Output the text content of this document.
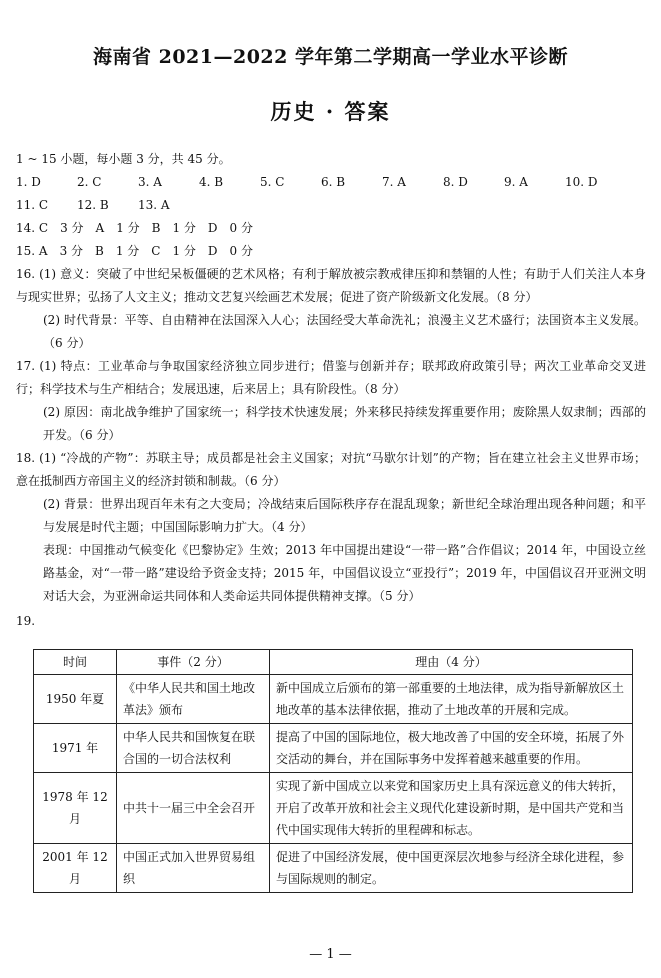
海南省 2021—2022 学年第二学期高一学业水平诊断
历史 · 答案
1 ~ 15 小题，每小题 3 分，共 45 分。
1. D	2. C	3. A	4. B	5. C	6. B	7. A	8. D	9. A	10. D
11. C	12. B	13. A
14. C　3 分　A　1 分　B　1 分　D　0 分
15. A　3 分　B　1 分　C　1 分　D　0 分

16. (1) 意义：突破了中世纪呆板僵硬的艺术风格；有利于解放被宗教戒律压抑和禁锢的人性；有助于人们关注人本身与现实世界；弘扬了人文主义；推动文艺复兴绘画艺术发展；促进了资产阶级新文化发展。（8 分）

(2) 时代背景：平等、自由精神在法国深入人心；法国经受大革命洗礼；浪漫主义艺术盛行；法国资本主义发展。（6 分）

17. (1) 特点：工业革命与争取国家经济独立同步进行；借鉴与创新并存；联邦政府政策引导；两次工业革命交叉进行；科学技术与生产相结合；发展迅速，后来居上；具有阶段性。（8 分）

(2) 原因：南北战争维护了国家统一；科学技术快速发展；外来移民持续发挥重要作用；废除黑人奴隶制；西部的开发。（6 分）

18. (1) “冷战的产物”：苏联主导；成员都是社会主义国家；对抗“马歇尔计划”的产物；旨在建立社会主义世界市场；意在抵制西方帝国主义的经济封锁和制裁。（6 分）

(2) 背景：世界出现百年未有之大变局；冷战结束后国际秩序存在混乱现象；新世纪全球治理出现各种问题；和平与发展是时代主题；中国国际影响力扩大。（4 分）

表现：中国推动气候变化《巴黎协定》生效；2013 年中国提出建设“一带一路”合作倡议；2014 年，中国设立丝路基金，对“一带一路”建设给予资金支持；2015 年，中国倡议设立“亚投行”；2019 年，中国倡议召开亚洲文明对话大会，为亚洲命运共同体和人类命运共同体提供精神支撑。（5 分）

19.
时间	事件（2 分）	理由（4 分）
1950 年夏	《中华人民共和国土地改革法》颁布	新中国成立后颁布的第一部重要的土地法律，成为指导新解放区土地改革的基本法律依据，推动了土地改革的开展和完成。
1971 年	中华人民共和国恢复在联合国的一切合法权利	提高了中国的国际地位，极大地改善了中国的安全环境，拓展了外交活动的舞台，并在国际事务中发挥着越来越重要的作用。
1978 年 12 月	中共十一届三中全会召开	实现了新中国成立以来党和国家历史上具有深远意义的伟大转折，开启了改革开放和社会主义现代化建设新时期，是中国共产党和当代中国实现伟大转折的里程碑和标志。
2001 年 12 月	中国正式加入世界贸易组织	促进了中国经济发展，使中国更深层次地参与经济全球化进程，参与国际规则的制定。
— 1 —
